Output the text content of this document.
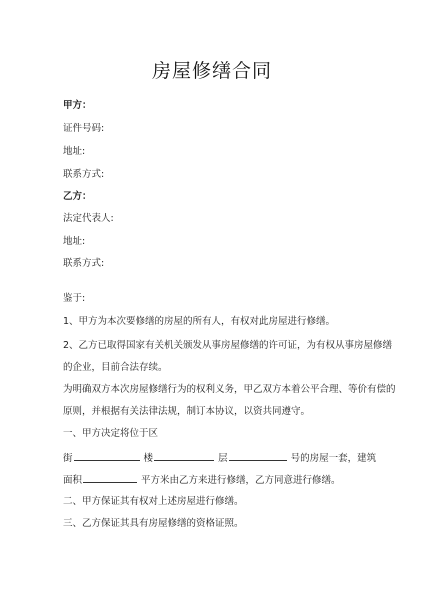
房屋修缮合同
甲方：
证件号码:
地址:
联系方式:
乙方：
法定代表人:
地址:
联系方式:
鉴于:
1、甲方为本次要修缮的房屋的所有人，有权对此房屋进行修缮。
2、乙方已取得国家有关机关颁发从事房屋修缮的许可证，为有权从事房屋修缮
的企业，目前合法存续。
为明确双方本次房屋修缮行为的权利义务，甲乙双方本着公平合理、等价有偿的
原则，并根据有关法律法规，制订本协议，以资共同遵守。
一、甲方决定将位于区
街	楼	层	号的房屋一套，建筑
面积	平方米由乙方来进行修缮，乙方同意进行修缮。
二、甲方保证其有权对上述房屋进行修缮。
三、乙方保证其具有房屋修缮的资格证照。
